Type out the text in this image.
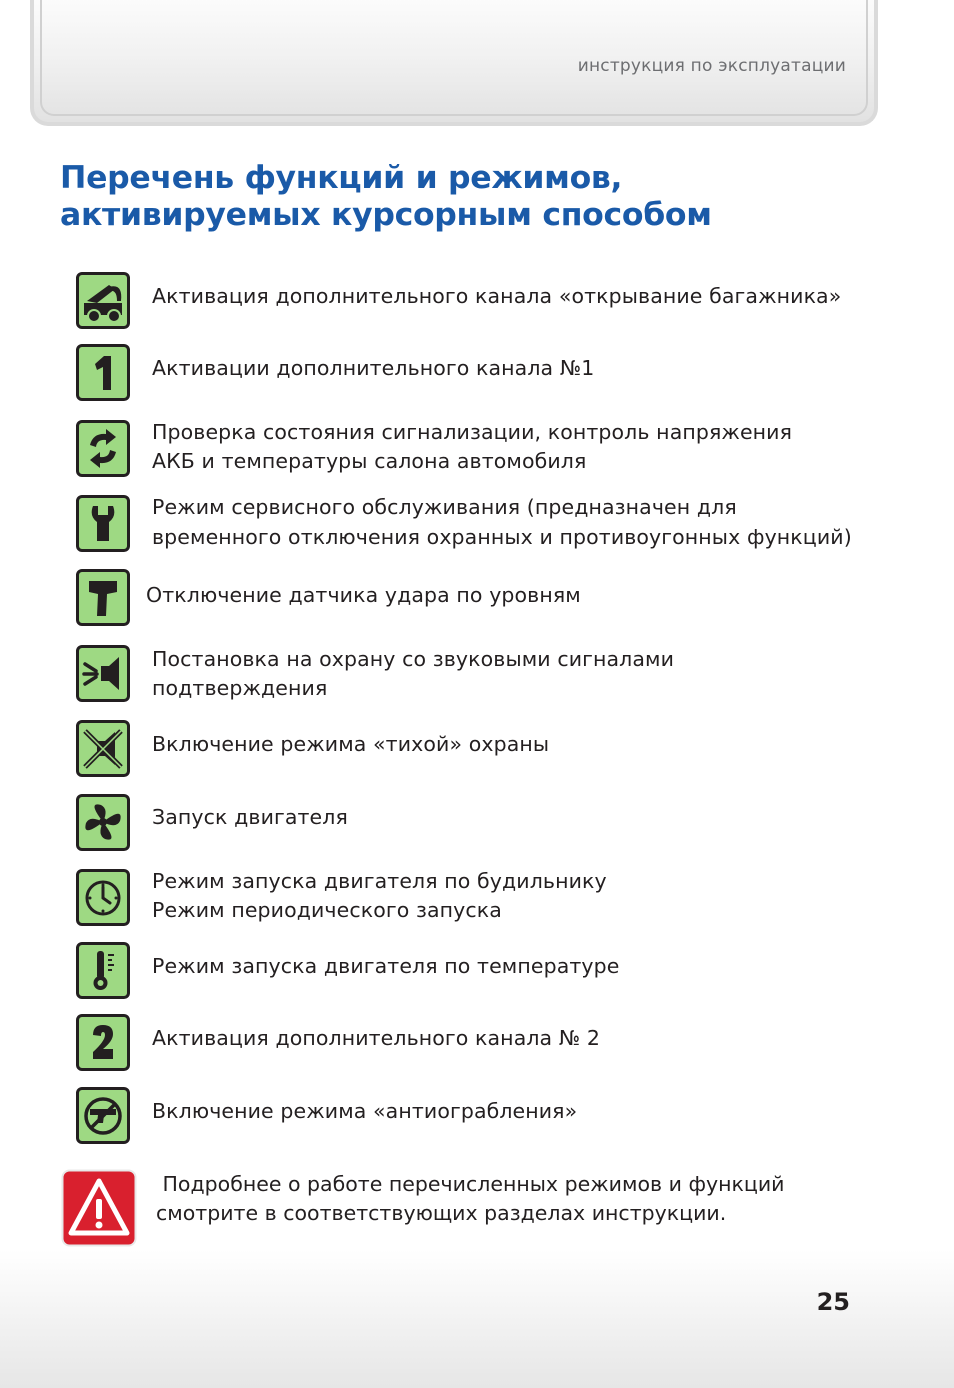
инструкция по эксплуатации
Перечень функций и режимов,
активируемых курсорным способом
Активация дополнительного канала «открывание багажника»
Активации дополнительного канала №1
Проверка состояния сигнализации, контроль напряжения
АКБ и температуры салона автомобиля
Режим сервисного обслуживания (предназначен для
временного отключения охранных и противоугонных функций)
Отключение датчика удара по уровням
Постановка на охрану со звуковыми сигналами
подтверждения
Включение режима «тихой» охраны
Запуск двигателя
Режим запуска двигателя по будильнику
Режим периодического запуска
Режим запуска двигателя по температуре
Активация дополнительного канала № 2
Включение режима «антиограбления»
Подробнее о работе перечисленных режимов и функций
смотрите в соответствующих разделах инструкции.
25
